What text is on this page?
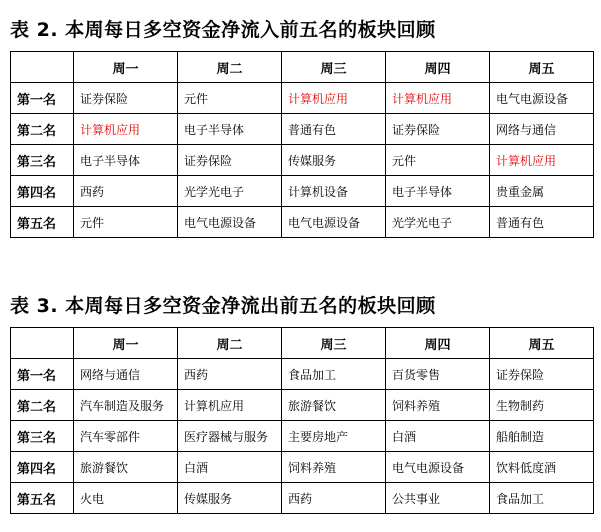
表 2. 本周每日多空资金净流入前五名的板块回顾
	周一	周二	周三	周四	周五
第一名	证券保险	元件	计算机应用	计算机应用	电气电源设备
第二名	计算机应用	电子半导体	普通有色	证券保险	网络与通信
第三名	电子半导体	证券保险	传媒服务	元件	计算机应用
第四名	西药	光学光电子	计算机设备	电子半导体	贵重金属
第五名	元件	电气电源设备	电气电源设备	光学光电子	普通有色
表 3. 本周每日多空资金净流出前五名的板块回顾
	周一	周二	周三	周四	周五
第一名	网络与通信	西药	食品加工	百货零售	证券保险
第二名	汽车制造及服务	计算机应用	旅游餐饮	饲料养殖	生物制药
第三名	汽车零部件	医疗器械与服务	主要房地产	白酒	船舶制造
第四名	旅游餐饮	白酒	饲料养殖	电气电源设备	饮料低度酒
第五名	火电	传媒服务	西药	公共事业	食品加工
